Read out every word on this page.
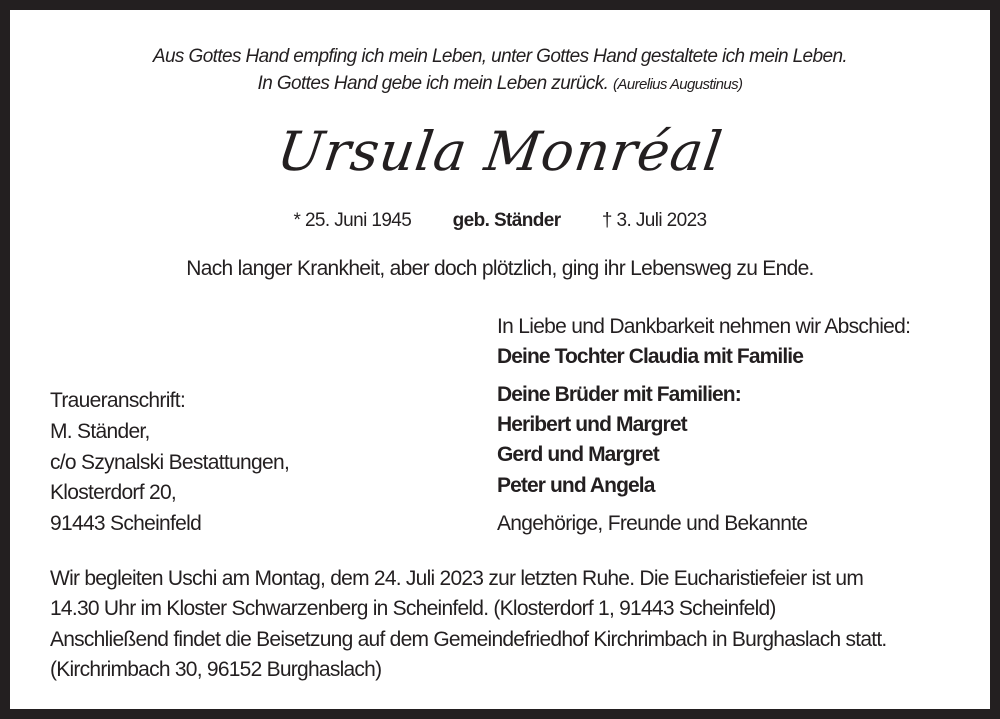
Aus Gottes Hand empfing ich mein Leben, unter Gottes Hand gestaltete ich mein Leben.
In Gottes Hand gebe ich mein Leben zurück. (Aurelius Augustinus)
Ursula Monréal
* 25. Juni 1945 geb. Ständer † 3. Juli 2023
Nach langer Krankheit, aber doch plötzlich, ging ihr Lebensweg zu Ende.
In Liebe und Dankbarkeit nehmen wir Abschied:
Deine Tochter Claudia mit Familie
Deine Brüder mit Familien:
Heribert und Margret
Gerd und Margret
Peter und Angela
Angehörige, Freunde und Bekannte
Traueranschrift:
M. Ständer,
c/o Szynalski Bestattungen,
Klosterdorf 20,
91443 Scheinfeld
Wir begleiten Uschi am Montag, dem 24. Juli 2023 zur letzten Ruhe. Die Eucharistiefeier ist um
14.30 Uhr im Kloster Schwarzenberg in Scheinfeld. (Klosterdorf 1, 91443 Scheinfeld)
Anschließend findet die Beisetzung auf dem Gemeindefriedhof Kirchrimbach in Burghaslach statt.
(Kirchrimbach 30, 96152 Burghaslach)
